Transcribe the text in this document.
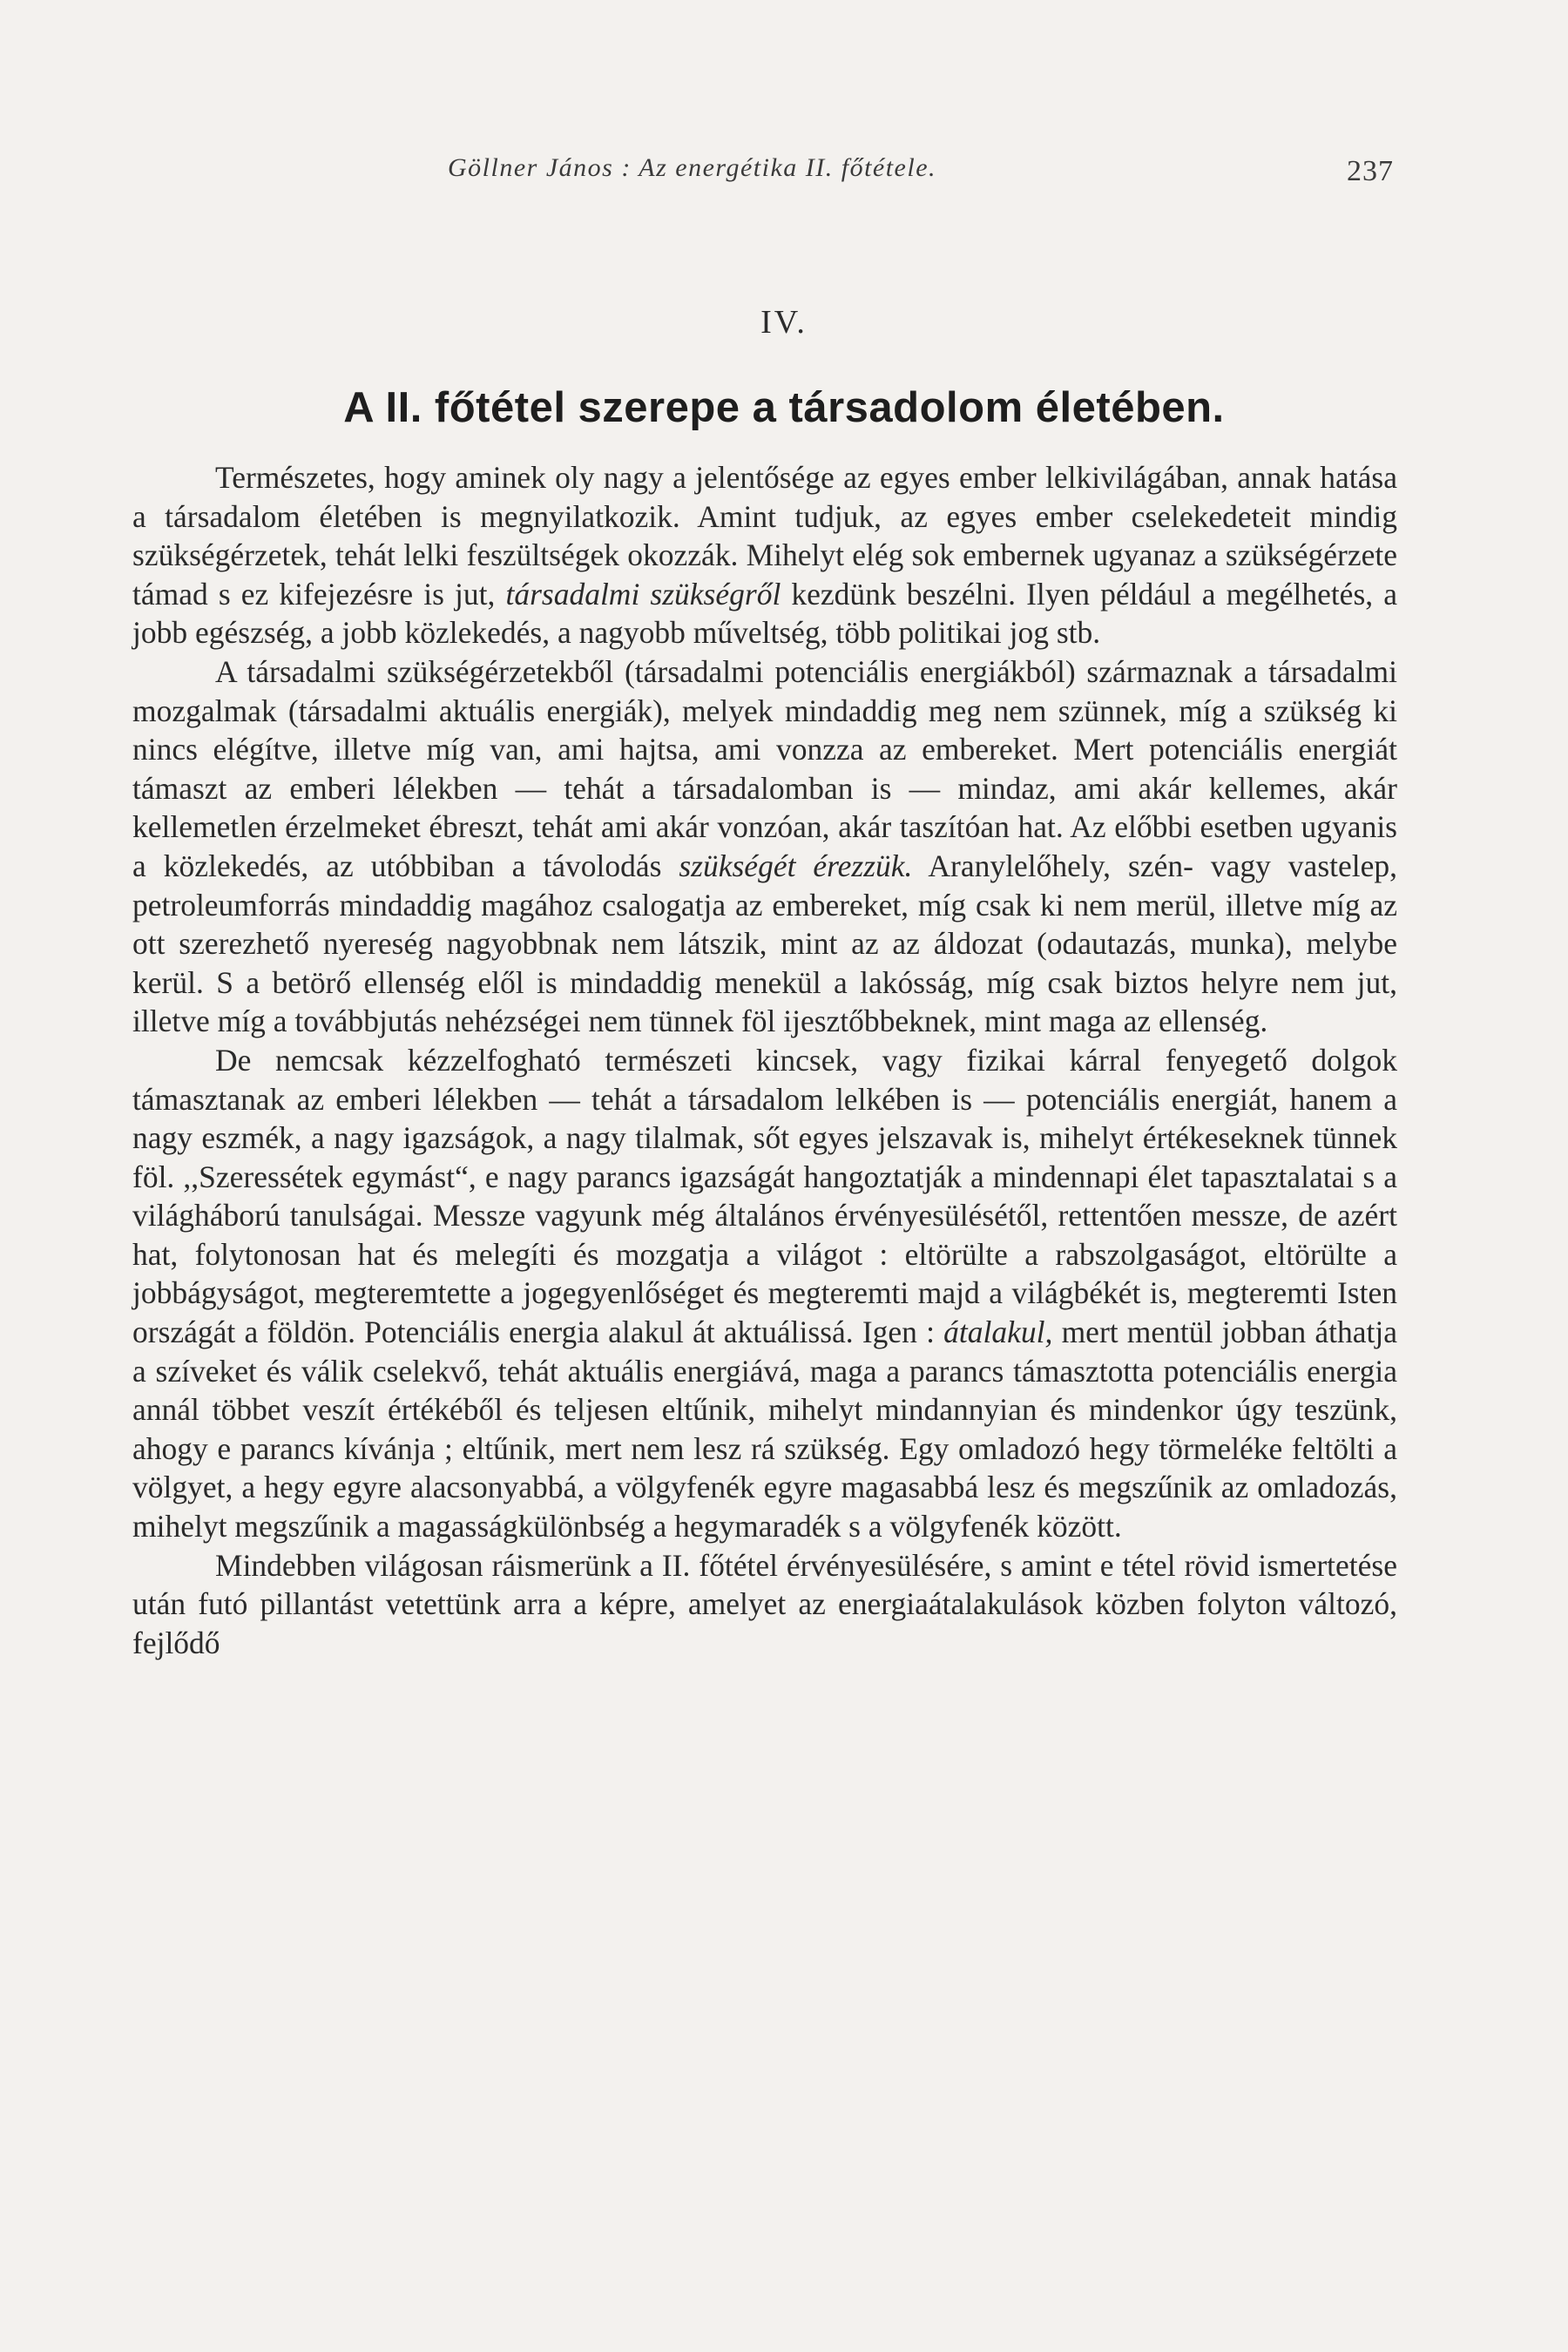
Göllner János : Az energétika II. főtétele.	237
IV.
A II. főtétel szerepe a társadolom életében.

Természetes, hogy aminek oly nagy a jelentősége az egyes ember lelkivilágában, annak hatása a társadalom életében is megnyilatkozik. Amint tudjuk, az egyes ember cselekedeteit mindig szükségérzetek, tehát lelki feszültségek okozzák. Mihelyt elég sok embernek ugyanaz a szükségérzete támad s ez kifejezésre is jut, társadalmi szükségről kezdünk beszélni. Ilyen például a megélhetés, a jobb egészség, a jobb közlekedés, a nagyobb műveltség, több politikai jog stb.

A társadalmi szükségérzetekből (társadalmi potenciális energiákból) származnak a társadalmi mozgalmak (társadalmi aktuális energiák), melyek mindaddig meg nem szünnek, míg a szükség ki nincs elégítve, illetve míg van, ami hajtsa, ami vonzza az embereket. Mert potenciális energiát támaszt az emberi lélekben — tehát a társadalomban is — mindaz, ami akár kellemes, akár kellemetlen érzelmeket ébreszt, tehát ami akár vonzóan, akár taszítóan hat. Az előbbi esetben ugyanis a közlekedés, az utóbbiban a távolodás szükségét érezzük. Aranylelőhely, szén- vagy vastelep, petroleumforrás mindaddig magához csalogatja az embereket, míg csak ki nem merül, illetve míg az ott szerezhető nyereség nagyobbnak nem látszik, mint az az áldozat (odautazás, munka), melybe kerül. S a betörő ellenség elől is mindaddig menekül a lakósság, míg csak biztos helyre nem jut, illetve míg a továbbjutás nehézségei nem tünnek föl ijesztőbbeknek, mint maga az ellenség.

De nemcsak kézzelfogható természeti kincsek, vagy fizikai kárral fenyegető dolgok támasztanak az emberi lélekben — tehát a társadalom lelkében is — potenciális energiát, hanem a nagy eszmék, a nagy igazságok, a nagy tilalmak, sőt egyes jelszavak is, mihelyt értékeseknek tünnek föl. ,,Szeressétek egymást“, e nagy parancs igazságát hangoztatják a mindennapi élet tapasztalatai s a világháború tanulságai. Messze vagyunk még általános érvényesülésétől, rettentően messze, de azért hat, folytonosan hat és melegíti és mozgatja a világot : eltörülte a rabszolgaságot, eltörülte a jobbágyságot, megteremtette a jogegyenlőséget és megteremti majd a világbékét is, megteremti Isten országát a földön. Potenciális energia alakul át aktuálissá. Igen : átalakul, mert mentül jobban áthatja a szíveket és válik cselekvő, tehát aktuális energiává, maga a parancs támasztotta potenciális energia annál többet veszít értékéből és teljesen eltűnik, mihelyt mindannyian és mindenkor úgy teszünk, ahogy e parancs kívánja ; eltűnik, mert nem lesz rá szükség. Egy omladozó hegy törmeléke feltölti a völgyet, a hegy egyre alacsonyabbá, a völgyfenék egyre magasabbá lesz és megszűnik az omladozás, mihelyt megszűnik a magasságkülönbség a hegymaradék s a völgyfenék között.

Mindebben világosan ráismerünk a II. főtétel érvényesülésére, s amint e tétel rövid ismertetése után futó pillantást vetettünk arra a képre, amelyet az energiaátalakulások közben folyton változó, fejlődő
